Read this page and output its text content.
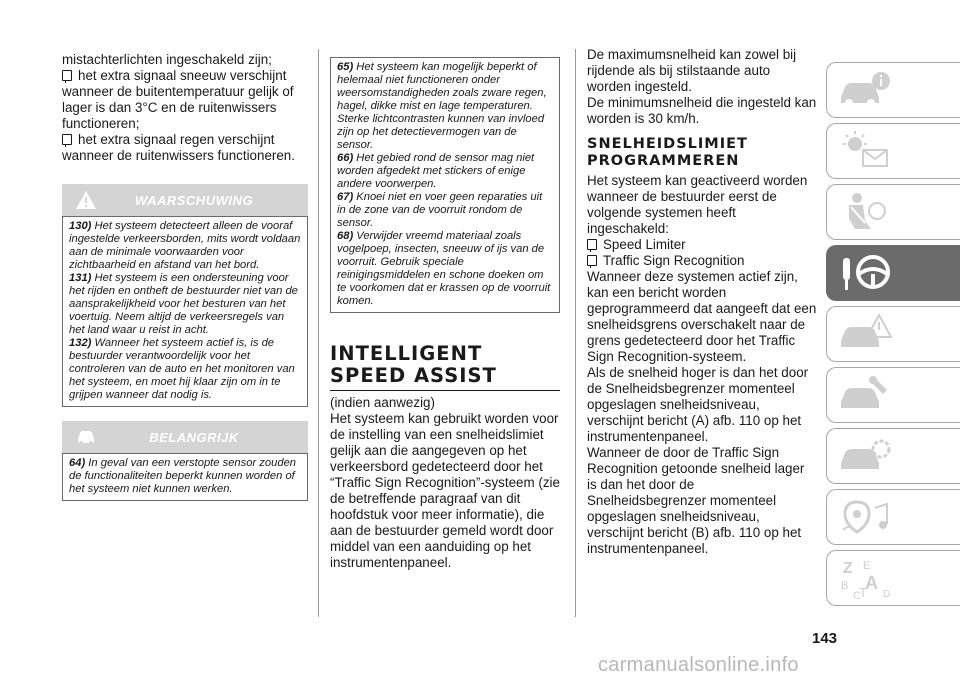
mistachterlichten ingeschakeld zijn;

het extra signaal sneeuw verschijnt wanneer de buitentemperatuur gelijk of lager is dan 3°C en de ruitenwissers functioneren;
het extra signaal regen verschijnt wanneer de ruitenwissers functioneren.
WAARSCHUWING

130) Het systeem detecteert alleen de vooraf ingestelde verkeersborden, mits wordt voldaan aan de minimale voorwaarden voor zichtbaarheid en afstand van het bord.

131) Het systeem is een ondersteuning voor het rijden en ontheft de bestuurder niet van de aansprakelijkheid voor het besturen van het voertuig. Neem altijd de verkeersregels van het land waar u reist in acht.

132) Wanneer het systeem actief is, is de bestuurder verantwoordelijk voor het controleren van de auto en het monitoren van het systeem, en moet hij klaar zijn om in te grijpen wanneer dat nodig is.

BELANGRIJK

64) In geval van een verstopte sensor zouden de functionaliteiten beperkt kunnen worden of het systeem niet kunnen werken.

65) Het systeem kan mogelijk beperkt of helemaal niet functioneren onder weersomstandigheden zoals zware regen, hagel, dikke mist en lage temperaturen. Sterke lichtcontrasten kunnen van invloed zijn op het detectievermogen van de sensor.

66) Het gebied rond de sensor mag niet worden afgedekt met stickers of enige andere voorwerpen.

67) Knoei niet en voer geen reparaties uit in de zone van de voorruit rondom de sensor.

68) Verwijder vreemd materiaal zoals vogelpoep, insecten, sneeuw of ijs van de voorruit. Gebruik speciale reinigingsmiddelen en schone doeken om te voorkomen dat er krassen op de voorruit komen.

INTELLIGENT SPEED ASSIST

(indien aanwezig)

Het systeem kan gebruikt worden voor de instelling van een snelheidslimiet gelijk aan die aangegeven op het verkeersbord gedetecteerd door het “Traffic Sign Recognition”-systeem (zie de betreffende paragraaf van dit hoofdstuk voor meer informatie), die aan de bestuurder gemeld wordt door middel van een aanduiding op het instrumentenpaneel.

De maximumsnelheid kan zowel bij rijdende als bij stilstaande auto worden ingesteld.

De minimumsnelheid die ingesteld kan worden is 30 km/h.

SNELHEIDSLIMIET PROGRAMMEREN

Het systeem kan geactiveerd worden wanneer de bestuurder eerst de volgende systemen heeft ingeschakeld:

Speed Limiter
Traffic Sign Recognition

Wanneer deze systemen actief zijn, kan een bericht worden geprogrammeerd dat aangeeft dat een snelheidsgrens overschakelt naar de grens gedetecteerd door het Traffic Sign Recognition-systeem.

Als de snelheid hoger is dan het door de Snelheidsbegrenzer momenteel opgeslagen snelheidsniveau, verschijnt bericht (A) afb. 110 op het instrumentenpaneel.

Wanneer de door de Traffic Sign Recognition getoonde snelheid lager is dan het door de Snelheidsbegrenzer momenteel opgeslagen snelheidsniveau, verschijnt bericht (B) afb. 110 op het instrumentenpaneel.

Z E
B A
C
T D
143
carmanualsonline.info
